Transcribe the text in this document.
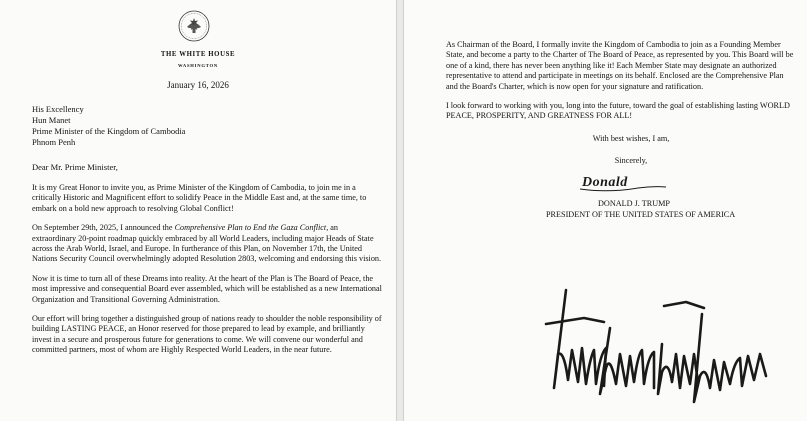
THE WHITE HOUSE
WASHINGTON
January 16, 2026
His Excellency
Hun Manet
Prime Minister of the Kingdom of Cambodia
Phnom Penh
Dear Mr. Prime Minister,

It is my Great Honor to invite you, as Prime Minister of the Kingdom of Cambodia, to join me in a critically Historic and Magnificent effort to solidify Peace in the Middle East and, at the same time, to embark on a bold new approach to resolving Global Conflict!

On September 29th, 2025, I announced the Comprehensive Plan to End the Gaza Conflict, an extraordinary 20-point roadmap quickly embraced by all World Leaders, including major Heads of State across the Arab World, Israel, and Europe. In furtherance of this Plan, on November 17th, the United Nations Security Council overwhelmingly adopted Resolution 2803, welcoming and endorsing this vision.

Now it is time to turn all of these Dreams into reality. At the heart of the Plan is The Board of Peace, the most impressive and consequential Board ever assembled, which will be established as a new International Organization and Transitional Governing Administration.

Our effort will bring together a distinguished group of nations ready to shoulder the noble responsibility of building LASTING PEACE, an Honor reserved for those prepared to lead by example, and brilliantly invest in a secure and prosperous future for generations to come. We will convene our wonderful and committed partners, most of whom are Highly Respected World Leaders, in the near future.

As Chairman of the Board, I formally invite the Kingdom of Cambodia to join as a Founding Member State, and become a party to the Charter of The Board of Peace, as represented by you. This Board will be one of a kind, there has never been anything like it! Each Member State may designate an authorized representative to attend and participate in meetings on its behalf. Enclosed are the Comprehensive Plan and the Board's Charter, which is now open for your signature and ratification.

I look forward to working with you, long into the future, toward the goal of establishing lasting WORLD PEACE, PROSPERITY, AND GREATNESS FOR ALL!

With best wishes, I am,
Sincerely,
Donald
DONALD J. TRUMP
PRESIDENT OF THE UNITED STATES OF AMERICA
